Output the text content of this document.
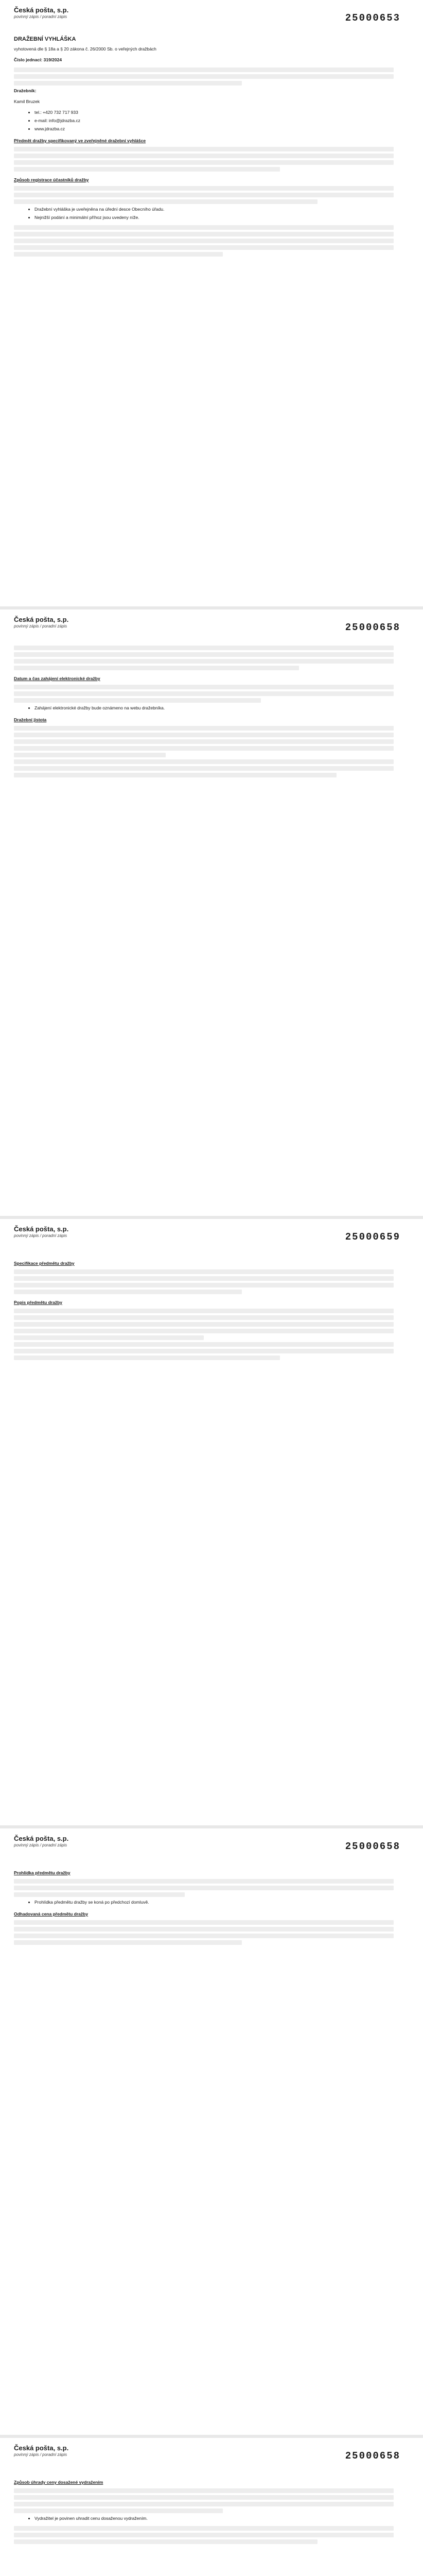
Česká pošta, s.p.
povinný zápis / poradní zápis	25000653
DRAŽEBNÍ VYHLÁŠKA

vyhotovená dle § 18a a § 20 zákona č. 26/2000 Sb. o veřejných dražbách

Číslo jednací: 319/2024

Dražebník:

Kamil Bruzek

• tel.: +420 732 717 933
• e-mail: info@jdrazba.cz
• www.jdrazba.cz
Předmět dražby specifikovaný ve zveřejněné dražební vyhlášce
Způsob registrace účastníků dražby
• Dražební vyhláška je uveřejněna na úřední desce Obecního úřadu.
• Nejnižší podání a minimální příhoz jsou uvedeny níže.
Česká pošta, s.p.
povinný zápis / poradní zápis	25000658
Datum a čas zahájení elektronické dražby
• Zahájení elektronické dražby bude oznámeno na webu dražebníka.
Dražební jistota
Česká pošta, s.p.
povinný zápis / poradní zápis	25000659
Specifikace předmětu dražby
Popis předmětu dražby
Česká pošta, s.p.
povinný zápis / poradní zápis	25000658
Prohlídka předmětu dražby
• Prohlídka předmětu dražby se koná po předchozí domluvě.
Odhadovaná cena předmětu dražby
Česká pošta, s.p.
povinný zápis / poradní zápis	25000658
Způsob úhrady ceny dosažené vydražením
• Vydražitel je povinen uhradit cenu dosaženou vydražením.
